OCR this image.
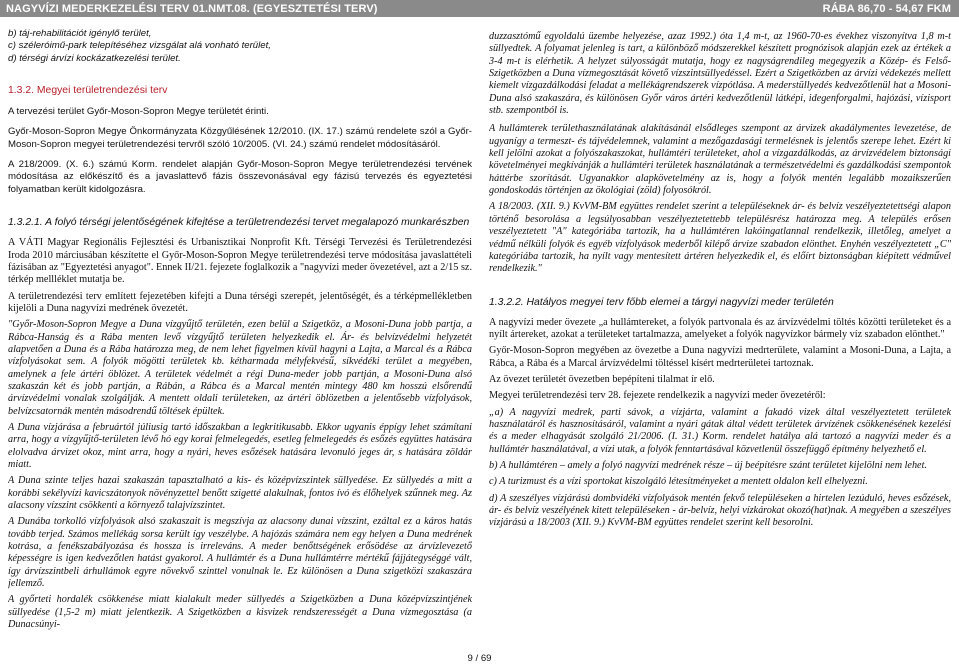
NAGYVÍZI MEDERKEZELÉSI TERV 01.NMT.08. (EGYESZTETÉSI TERV)	RÁBA 86,70 - 54,67 FKM
b) táj-rehabilitációt igénylő terület,
c) széleróimű-park telepítéséhez vizsgálat alá vonható terület,
d) térségi árvízi kockázatkezelési terület.
1.3.2. Megyei területrendezési terv
A tervezési terület Győr-Moson-Sopron Megye területét érinti.
Győr-Moson-Sopron Megye Önkormányzata Közgyűlésének 12/2010. (IX. 17.) számú rendelete szól a Győr-Moson-Sopron megyei területrendezési tervről szóló 10/2005. (VI. 24.) számú rendelet módosításáról.
A 218/2009. (X. 6.) számú Korm. rendelet alapján Győr-Moson-Sopron Megye területrendezési tervének módosítása az előkészítő és a javaslattevő fázis összevonásával egy fázisú tervezés és egyeztetési folyamatban került kidolgozásra.
1.3.2.1. A folyó térségi jelentőségének kifejtése a területrendezési tervet megalapozó munkarészben
A VÁTI Magyar Regionális Fejlesztési és Urbanisztikai Nonprofit Kft. Térségi Tervezési és Területrendezési Iroda 2010 márciusában készítette el Győr-Moson-Sopron Megye területrendezési terve módosítása javaslattételi fázisában az "Egyeztetési anyagot". Ennek II/21. fejezete foglalkozik a "nagyvízi meder övezetével, azt a 2/15 sz. térkép mellléklet mutatja be.
A területrendezési terv említett fejezetében kifejti a Duna térségi szerepét, jelentőségét, és a térképmellékletben kijelöli a Duna nagyvízi medrének övezetét.
"Győr-Moson-Sopron Megye a Duna vízgyűjtő területén, ezen belül a Szigetköz, a Mosoni-Duna jobb partja, a Rábca-Hanság és a Rába menten levő vízgyűjtő területen helyezkedik el. Ár- és belvízvédelmi helyzetét alapvetően a Duna és a Rába határozza meg, de nem lehet figyelmen kívül hagyni a Lajta, a Marcal és a Rábca vízfolyásokat sem. A folyók mögötti területek kb. kétharmada mélyfekvésű, síkvédéki terület a megyében, amelynek a fele ártéri öblözet. A területek védelmét a régi Duna-meder jobb partján, a Mosoni-Duna alsó szakaszán két és jobb partján, a Rábán, a Rábca és a Marcal mentén mintegy 480 km hosszú elsőrendű árvízvédelmi vonalak szolgálják. A mentett oldali területeken, az ártéri öblözetben a jelentősebb vízfolyások, belvízcsatornák mentén másodrendű töltések épültek.
A Duna vízjárása a februártól júliusig tartó időszakban a legkritikusabb. Ekkor ugyanis éppígy lehet számítani arra, hogy a vízgyűjtő-területen lévő hó egy korai felmelegedés, esetleg felmelegedés és esőzés együttes hatására elolvadva árvizet okoz, mint arra, hogy a nyári, heves esőzések hatására levonuló jeges ár, s hatására zöldár miatt.
A Duna szinte teljes hazai szakaszán tapasztalható a kis- és középvízszintek süllyedése. Ez süllyedés a mitt a korábbi sekélyvízi kavicszátonyok növényzettel benőtt szigetté alakulnak, fontos ívó és élőhelyek szűnnek meg. Az alacsony vízszint csökkenti a környező talajvízszintet.
A Dunába torkolló vízfolyások alsó szakaszait is megszívja az alacsony dunai vízszint, ezáltal ez a káros hatás tovább terjed. Számos mellékág sorsa került így veszélybe. A hajózás számára nem egy helyen a Duna medrének kotrása, a fenékszabályozása és hossza is irreleváns. A meder benőttségének erősödése az árvízlevezető képességre is igen kedvezőtlen hatást gyakorol. A hullámtér és a Duna hullámtérre mértékű fájjátegységgé vált, így árvízszintbeli árhullámok egyre növekvő szinttel vonulnak le. Ez különösen a Duna szigetközi szakaszára jellemző.
A győrteti hordalék csökkenése miatt kialakult meder süllyedés a Szigetközben a Duna középvízszintjének süllyedése (1,5-2 m) miatt jelentkezik. A Szigetközben a kisvizek rendszerességét a Duna vízmegosztása (a Dunacsúnyi-
duzzasztómű egyoldalú üzembe helyezése, azaz 1992.) óta 1,4 m-t, az 1960-70-es évekhez viszonyítva 1,8 m-t süllyedtek. A folyamat jelenleg is tart, a különböző módszerekkel készített prognózisok alapján ezek az értékek a 3-4 m-t is elérhetik. A helyzet súlyosságát mutatja, hogy ez nagyságrendileg megegyezik a Közép- és Felső-Szigetközben a Duna vízmegosztását követő vízszintsüllyedéssel. Ezért a Szigetközben az árvízi védekezés mellett kiemelt vízgazdálkodási feladat a mellékágrendszerek vízpótlása. A mederstüllyedés kedvezőtlenül hat a Mosoni-Duna alsó szakaszára, és különösen Győr város ártéri kedvezőtlenül látképi, idegenforgalmi, hajózási, vízisport stb. szempontból is.
A hullámterek területhasználatának alakításánál elsődleges szempont az árvizek akadálymentes levezetése, de ugyanígy a termeszt- és tájvédelemnek, valamint a mezőgazdasági termelésnek is jelentős szerepe lehet. Ezért ki kell jelölni azokat a folyószakaszokat, hullámtéri területeket, ahol a vízgazdálkodás, az árvízvédelem biztonsági követelményei megkívánják a hullámtéri területek használatának a természetvédelmi és gazdálkodási szempontok háttérbe szorítását. Ugyanakkor alapkövetelmény az is, hogy a folyók mentén legalább mozaikszerűen gondoskodás történjen az ökológiai (zöld) folyosókról.
A 18/2003. (XII. 9.) KvVM-BM együttes rendelet szerint a településeknek ár- és belvíz veszélyeztetettségi alapon történő besorolása a legsúlyosabban veszélyeztetettebb településrész határozza meg. A település erősen veszélyeztetett "A" kategóriába tartozik, ha a hullámtéren lakóingatlannal rendelkezik, illetőleg, amelyet a védmű nélküli folyók és egyéb vízfolyások mederből kilépő árvize szabadon elönthet. Enyhén veszélyeztetett „C" kategóriába tartozik, ha nyílt vagy mentesített ártéren helyezkedik el, és előírt biztonságban kiépített védművel rendelkezik."
1.3.2.2. Hatályos megyei terv főbb elemei a tárgyi nagyvízi meder területén
A nagyvízi meder övezete „a hullámtereket, a folyók partvonala és az árvízvédelmi töltés közötti területeket és a nyílt ártereket, azokat a területeket tartalmazza, amelyeket a folyók nagyvízkor bármely víz szabadon elönthet."
Győr-Moson-Sopron megyében az övezetbe a Duna nagyvízi medrterülete, valamint a Mosoni-Duna, a Lajta, a Rábca, a Rába és a Marcal árvízvédelmi töltéssel kísért medrterületei tartoznak.
Az övezet területét övezetben bepépíteni tilalmat ír elő.
Megyei területrendezési terv 28. fejezete rendelkezik a nagyvízi meder övezetéről:
„a) A nagyvízi medrek, parti sávok, a vízjárta, valamint a fakadó vizek által veszélyeztetett területek használatáról és hasznosításáról, valamint a nyári gátak által védett területek árvízének csökkenésének kezelési és a meder elhagyását szolgáló 21/2006. (I. 31.) Korm. rendelet hatálya alá tartozó a nagyvízi meder és a hullámtér használatával, a vízi utak, a folyók fenntartásával közvetlenül összefüggő építmény helyezhető el.
b) A hullámtéren – amely a folyó nagyvízi medrének része – új beépítésre szánt területet kijelölni nem lehet.
c) A turizmust és a vízi sportokat kiszolgáló létesítményeket a mentett oldalon kell elhelyezni.
d) A szeszélyes vízjárású dombvidéki vízfolyások mentén fekvő településeken a hirtelen lezúduló, heves esőzések, ár- és belvíz veszélyének kitett településeken - ár-belvíz, helyi vízkárokat okozó(hat)nak. A megyében a szeszélyes vízjárású a 18/2003 (XII. 9.) KvVM-BM együttes rendelet szerint kell besorolni.
9 / 69
